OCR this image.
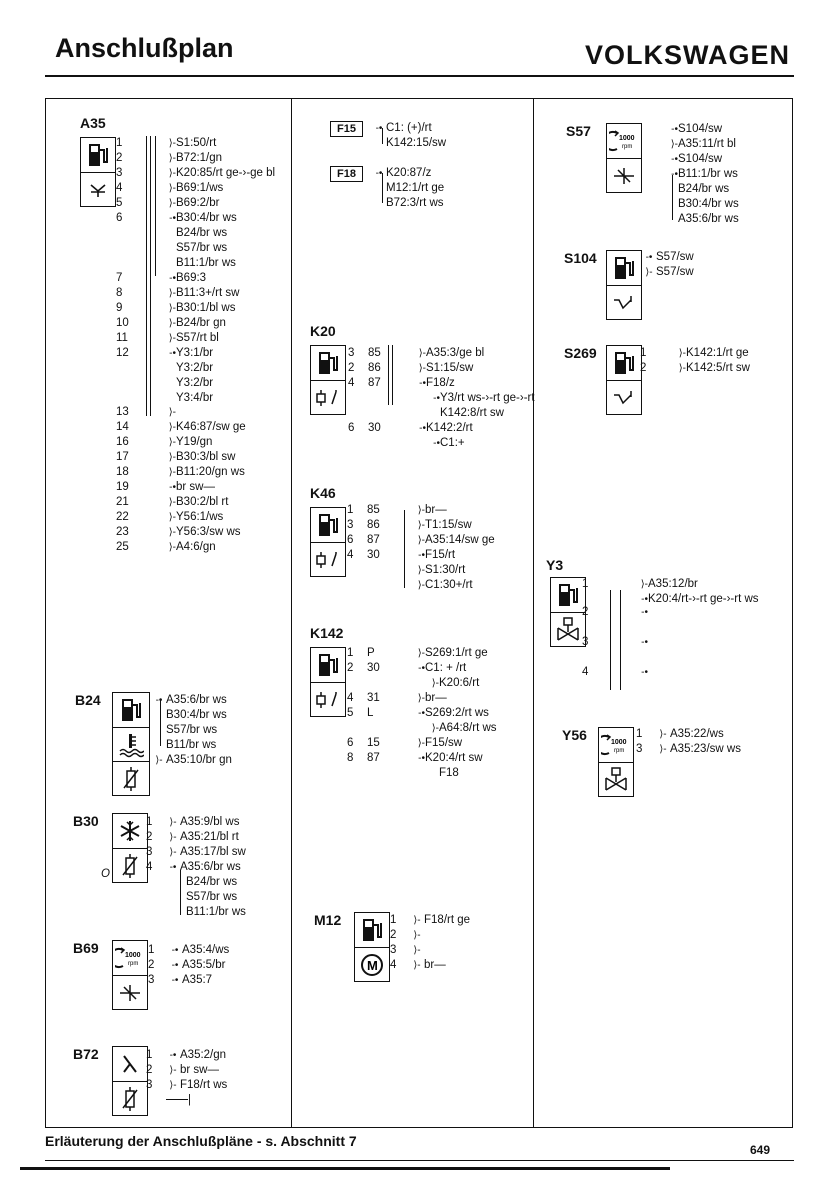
Anschlußplan	VOLKSWAGEN
A35
1	⟩-S1:50/rt
2	⟩-B72:1/gn
3	⟩-K20:85/rt ge-›-ge bl
4	⟩-B69:1/ws
5	⟩-B69:2/br
6	-•B30:4/br ws
B24/br ws
S57/br ws
B11:1/br ws
7	-•B69:3
8	⟩-B11:3+/rt sw
9	⟩-B30:1/bl ws
10	⟩-B24/br gn
11	⟩-S57/rt bl
12	-•Y3:1/br
Y3:2/br
Y3:2/br
Y3:4/br
13	⟩-
14	⟩-K46:87/sw ge
16	⟩-Y19/gn
17	⟩-B30:3/bl sw
18	⟩-B11:20/gn ws
19	-•br sw—
21	⟩-B30:2/bl rt
22	⟩-Y56:1/ws
23	⟩-Y56:3/sw ws
25	⟩-A4:6/gn
B24	-• A35:6/br ws
B30:4/br ws
S57/br ws
B11/br ws
⟩- A35:10/br gn
B30
O
1 ⟩- A35:9/bl ws
2 ⟩- A35:21/bl rt
3 ⟩- A35:17/bl sw
4 -• A35:6/br ws
B24/br ws
S57/br ws
B11:1/br ws
B69	1000
rpm
1 -• A35:4/ws
2 -• A35:5/br
3 -• A35:7
B72	1 -• A35:2/gn
2 ⟩- br sw—
3 ⟩- F18/rt ws
|
F15	-• C1: (+)/rt
K142:15/sw
F18	-• K20:87/z
M12:1/rt ge
B72:3/rt ws
K20
3 85	⟩-A35:3/ge bl
2 86	⟩-S1:15/sw
4 87	-•F18/z
-•Y3/rt ws-›-rt ge-›-rt
K142:8/rt sw
6 30	-•K142:2/rt
-•C1:+
K46
1 85	⟩-br—
3 86	⟩-T1:15/sw
6 87	⟩-A35:14/sw ge
4 30	-•F15/rt
⟩-S1:30/rt
⟩-C1:30+/rt
K142
1 P	⟩-S269:1/rt ge
2 30	-•C1: + /rt
⟩-K20:6/rt
4 31	⟩-br—
5 L	-•S269:2/rt ws
⟩-A64:8/rt ws
6 15	⟩-F15/sw
8 87	-•K20:4/rt sw
F18
M12
M
1 ⟩- F18/rt ge
2 ⟩-
3 ⟩-
4 ⟩- br—
S57	1000
rpm
-•S104/sw
⟩-A35:11/rt bl
-•S104/sw
-•B11:1/br ws
B24/br ws
B30:4/br ws
A35:6/br ws
S104	-• S57/sw
⟩- S57/sw
S269	1	⟩-K142:1/rt ge
2	⟩-K142:5/rt sw
Y3
1	⟩-A35:12/br
-•K20:4/rt-›-rt ge-›-rt ws
2	-•
3	-•
4	-•
Y56	1000
rpm
1 ⟩- A35:22/ws
3 ⟩- A35:23/sw ws
Erläuterung der Anschlußpläne - s. Abschnitt 7
649
